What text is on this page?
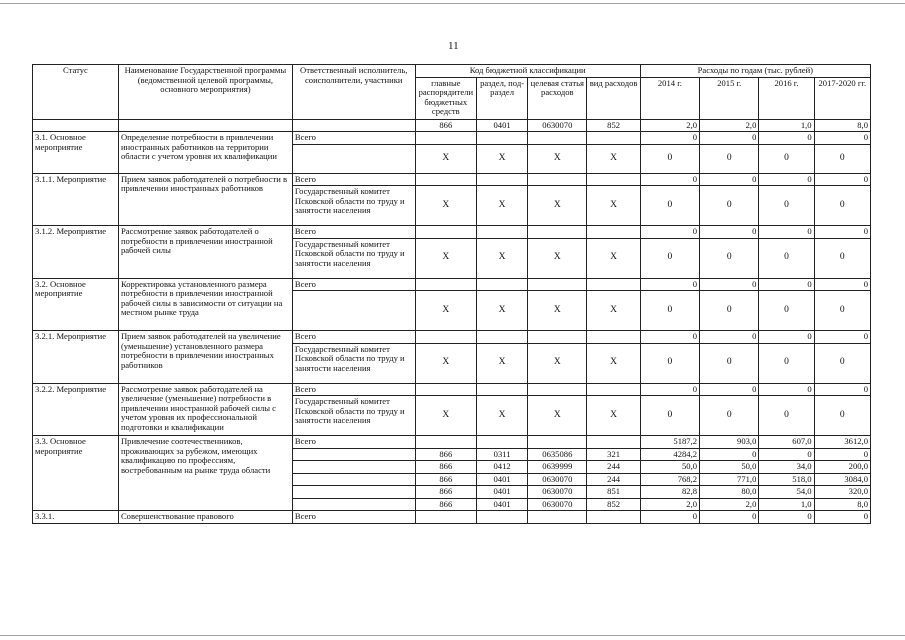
11
Статус	Наименование Государственной программы (ведомственной целевой программы, основного мероприятия)	Ответственный исполнитель, соисполнители, участники	Код бюджетной классификации				Расходы по годам (тыс. рублей)			
			главные распорядители бюджетных средств	раздел, под-раздел	целевая статья расходов	вид расходов	2014 г.	2015 г.	2016 г.	2017-2020 гг.
			866	0401	0630070	852	2,0	2,0	1,0	8,0
3.1. Основное мероприятие	Определение потребности в привлечении иностранных работников на территории области с учетом уровня их квалификации	Всего					0	0	0	0
			Х	Х	Х	Х	0	0	0	0
3.1.1. Мероприятие	Прием заявок работодателей о потребности в привлечении иностранных работников	Всего					0	0	0	0
		Государственный комитет Псковской области по труду и занятости населения	Х	Х	Х	Х	0	0	0	0
3.1.2. Мероприятие	Рассмотрение заявок работодателей о потребности в привлечении иностранной рабочей силы	Всего					0	0	0	0
		Государственный комитет Псковской области по труду и занятости населения	Х	Х	Х	Х	0	0	0	0
3.2. Основное мероприятие	Корректировка установленного размера потребности в привлечении иностранной рабочей силы в зависимости от ситуации на местном рынке труда	Всего					0	0	0	0
			Х	Х	Х	Х	0	0	0	0
3.2.1. Мероприятие	Прием заявок работодателей на увеличение (уменьшение) установленного размера потребности в привлечении иностранных работников	Всего					0	0	0	0
		Государственный комитет Псковской области по труду и занятости населения	Х	Х	Х	Х	0	0	0	0
3.2.2. Мероприятие	Рассмотрение заявок работодателей на увеличение (уменьшение) потребности в привлечении иностранной рабочей силы с учетом уровня их профессиональной подготовки и квалификации	Всего					0	0	0	0
		Государственный комитет Псковской области по труду и занятости населения	Х	Х	Х	Х	0	0	0	0
3.3. Основное мероприятие	Привлечение соотечественников, проживающих за рубежом, имеющих квалификацию по профессиям, востребованным на рынке труда области	Всего					5187,2	903,0	607,0	3612,0
			866	0311	0635086	321	4284,2	0	0	0
			866	0412	0639999	244	50,0	50,0	34,0	200,0
			866	0401	0630070	244	768,2	771,0	518,0	3084,0
			866	0401	0630070	851	82,8	80,0	54,0	320,0
			866	0401	0630070	852	2,0	2,0	1,0	8,0
3.3.1.	Совершенствование правового	Всего					0	0	0	0
